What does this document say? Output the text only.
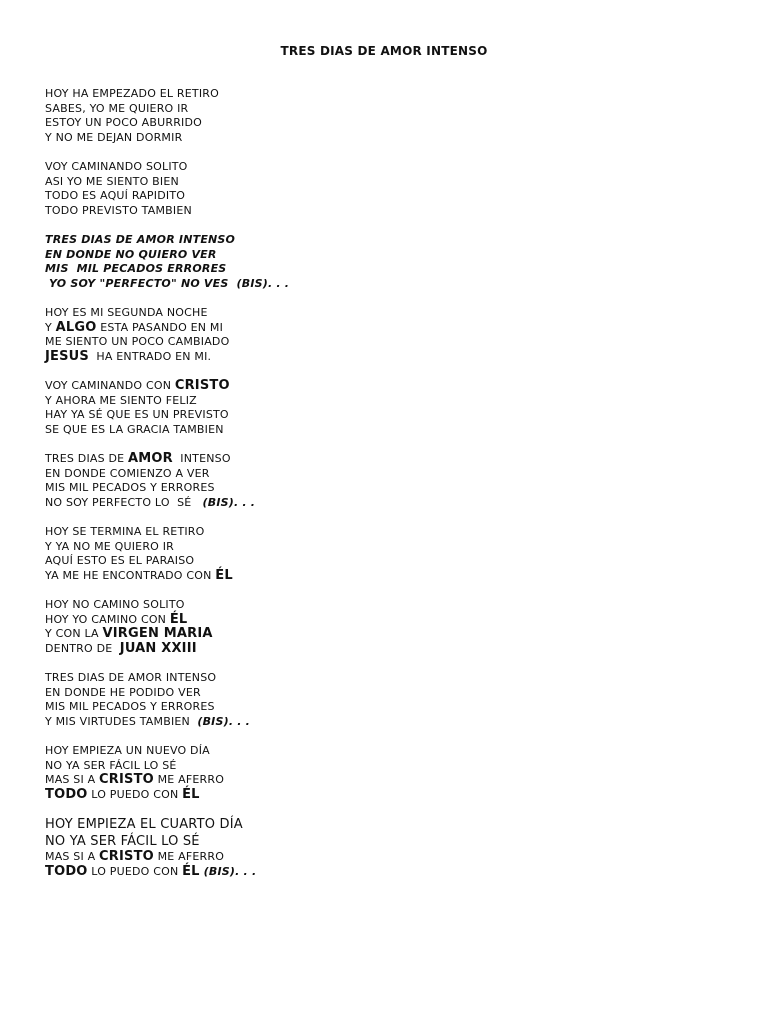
TRES DIAS DE AMOR INTENSO
HOY HA EMPEZADO EL RETIRO
SABES, YO ME QUIERO IR
ESTOY UN POCO ABURRIDO
Y NO ME DEJAN DORMIR
VOY CAMINANDO SOLITO
ASI YO ME SIENTO BIEN
TODO ES AQUÍ RAPIDITO
TODO PREVISTO TAMBIEN
TRES DIAS DE AMOR INTENSO
EN DONDE NO QUIERO VER
MIS  MIL PECADOS ERRORES
YO SOY "PERFECTO" NO VES  (BIS). . .
HOY ES MI SEGUNDA NOCHE
Y ALGO ESTA PASANDO EN MI
ME SIENTO UN POCO CAMBIADO
JESUS  HA ENTRADO EN MI.
VOY CAMINANDO CON CRISTO
Y AHORA ME SIENTO FELIZ
HAY YA SÉ QUE ES UN PREVISTO
SE QUE ES LA GRACIA TAMBIEN
TRES DIAS DE AMOR  INTENSO
EN DONDE COMIENZO A VER
MIS MIL PECADOS Y ERRORES
NO SOY PERFECTO LO  SÉ   (BIS). . .
HOY SE TERMINA EL RETIRO
Y YA NO ME QUIERO IR
AQUÍ ESTO ES EL PARAISO
YA ME HE ENCONTRADO CON ÉL
HOY NO CAMINO SOLITO
HOY YO CAMINO CON ÉL
Y CON LA VIRGEN MARIA
DENTRO DE  JUAN XXIII
TRES DIAS DE AMOR INTENSO
EN DONDE HE PODIDO VER
MIS MIL PECADOS Y ERRORES
Y MIS VIRTUDES TAMBIEN  (BIS). . .
HOY EMPIEZA UN NUEVO DÍA
NO YA SER FÁCIL LO SÉ
MAS SI A CRISTO ME AFERRO
TODO LO PUEDO CON ÉL
HOY EMPIEZA EL CUARTO DÍA
NO YA SER FÁCIL LO SÉ
MAS SI A CRISTO ME AFERRO
TODO LO PUEDO CON ÉL (BIS). . .
